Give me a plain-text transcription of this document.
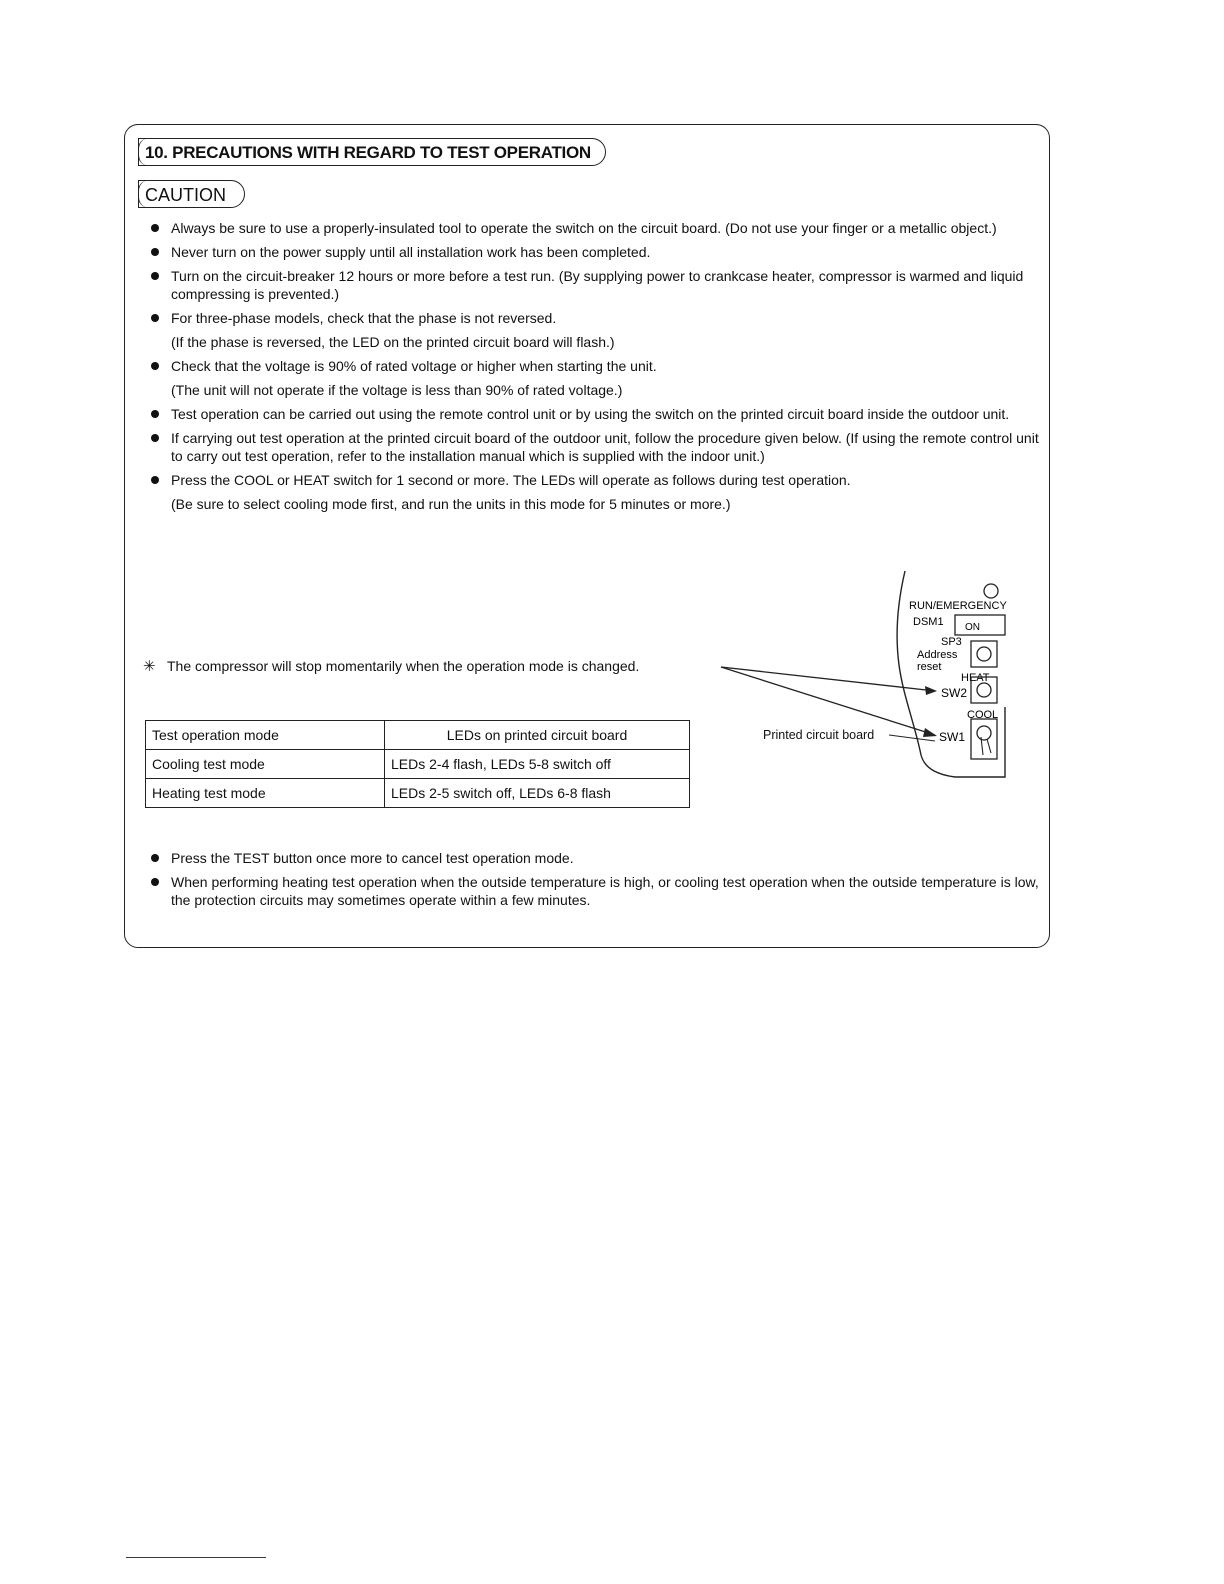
10. PRECAUTIONS WITH REGARD TO TEST OPERATION
CAUTION
Always be sure to use a properly-insulated tool to operate the switch on the circuit board. (Do not use your finger or a metallic object.)
Never turn on the power supply until all installation work has been completed.
Turn on the circuit-breaker 12 hours or more before a test run. (By supplying power to crankcase heater, compressor is warmed and liquid compressing is prevented.)
For three-phase models, check that the phase is not reversed.
(If the phase is reversed, the LED on the printed circuit board will flash.)
Check that the voltage is 90% of rated voltage or higher when starting the unit.
(The unit will not operate if the voltage is less than 90% of rated voltage.)
Test operation can be carried out using the remote control unit or by using the switch on the printed circuit board inside the outdoor unit.
If carrying out test operation at the printed circuit board of the outdoor unit, follow the procedure given below. (If using the remote control unit to carry out test operation, refer to the installation manual which is supplied with the indoor unit.)
Press the COOL or HEAT switch for 1 second or more. The LEDs will operate as follows during test operation.
(Be sure to select cooling mode first, and run the units in this mode for 5 minutes or more.)
✳ The compressor will stop momentarily when the operation mode is changed.
Test operation mode	LEDs on printed circuit board
Cooling test mode	LEDs 2-4 flash, LEDs 5-8 switch off
Heating test mode	LEDs 2-5 switch off, LEDs 6-8 flash
Printed circuit board
RUN/EMERGENCY
DSM1 ON
SP3
Address
reset
HEAT
SW2
COOL
SW1
Press the TEST button once more to cancel test operation mode.
When performing heating test operation when the outside temperature is high, or cooling test operation when the outside temperature is low, the protection circuits may sometimes operate within a few minutes.
